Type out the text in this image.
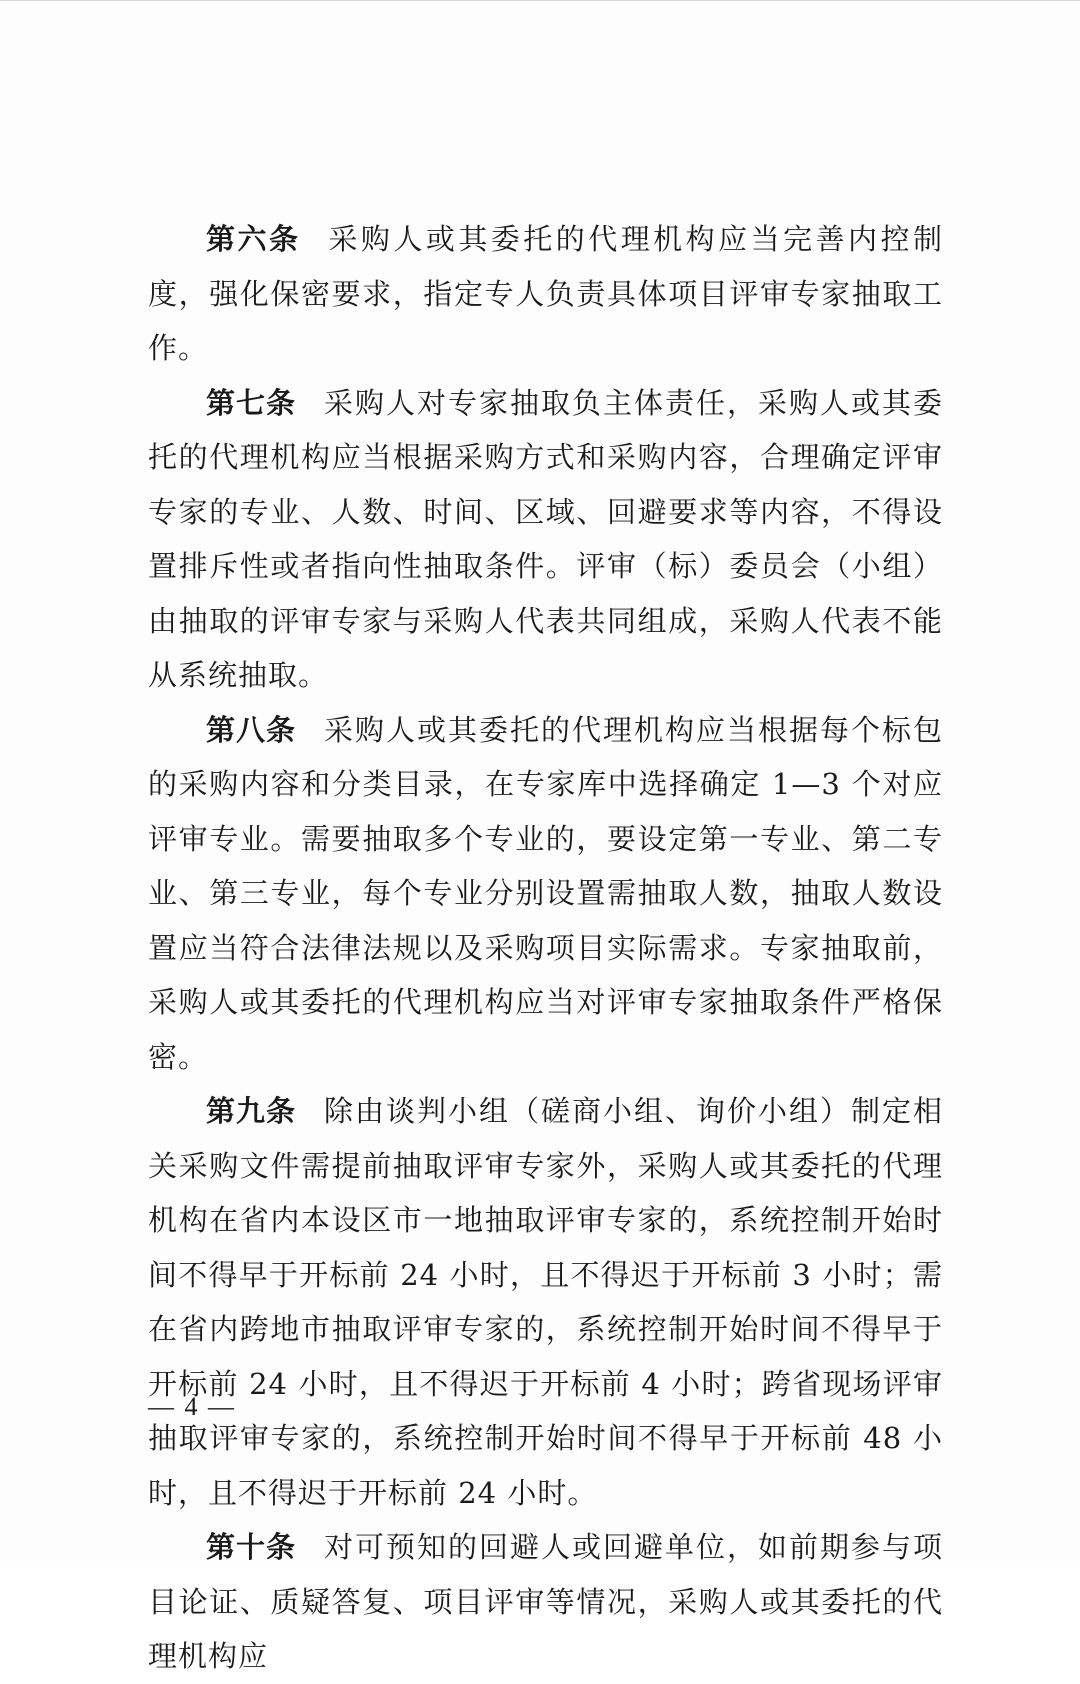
第六条 采购人或其委托的代理机构应当完善内控制度，强化保密要求，指定专人负责具体项目评审专家抽取工作。

第七条 采购人对专家抽取负主体责任，采购人或其委托的代理机构应当根据采购方式和采购内容，合理确定评审专家的专业、人数、时间、区域、回避要求等内容，不得设置排斥性或者指向性抽取条件。评审（标）委员会（小组）由抽取的评审专家与采购人代表共同组成，采购人代表不能从系统抽取。

第八条 采购人或其委托的代理机构应当根据每个标包的采购内容和分类目录，在专家库中选择确定 1—3 个对应评审专业。需要抽取多个专业的，要设定第一专业、第二专业、第三专业，每个专业分别设置需抽取人数，抽取人数设置应当符合法律法规以及采购项目实际需求。专家抽取前，采购人或其委托的代理机构应当对评审专家抽取条件严格保密。

第九条 除由谈判小组（磋商小组、询价小组）制定相关采购文件需提前抽取评审专家外，采购人或其委托的代理机构在省内本设区市一地抽取评审专家的，系统控制开始时间不得早于开标前 24 小时，且不得迟于开标前 3 小时；需在省内跨地市抽取评审专家的，系统控制开始时间不得早于开标前 24 小时，且不得迟于开标前 4 小时；跨省现场评审抽取评审专家的，系统控制开始时间不得早于开标前 48 小时，且不得迟于开标前 24 小时。

第十条 对可预知的回避人或回避单位，如前期参与项目论证、质疑答复、项目评审等情况，采购人或其委托的代理机构应

— 4 —
